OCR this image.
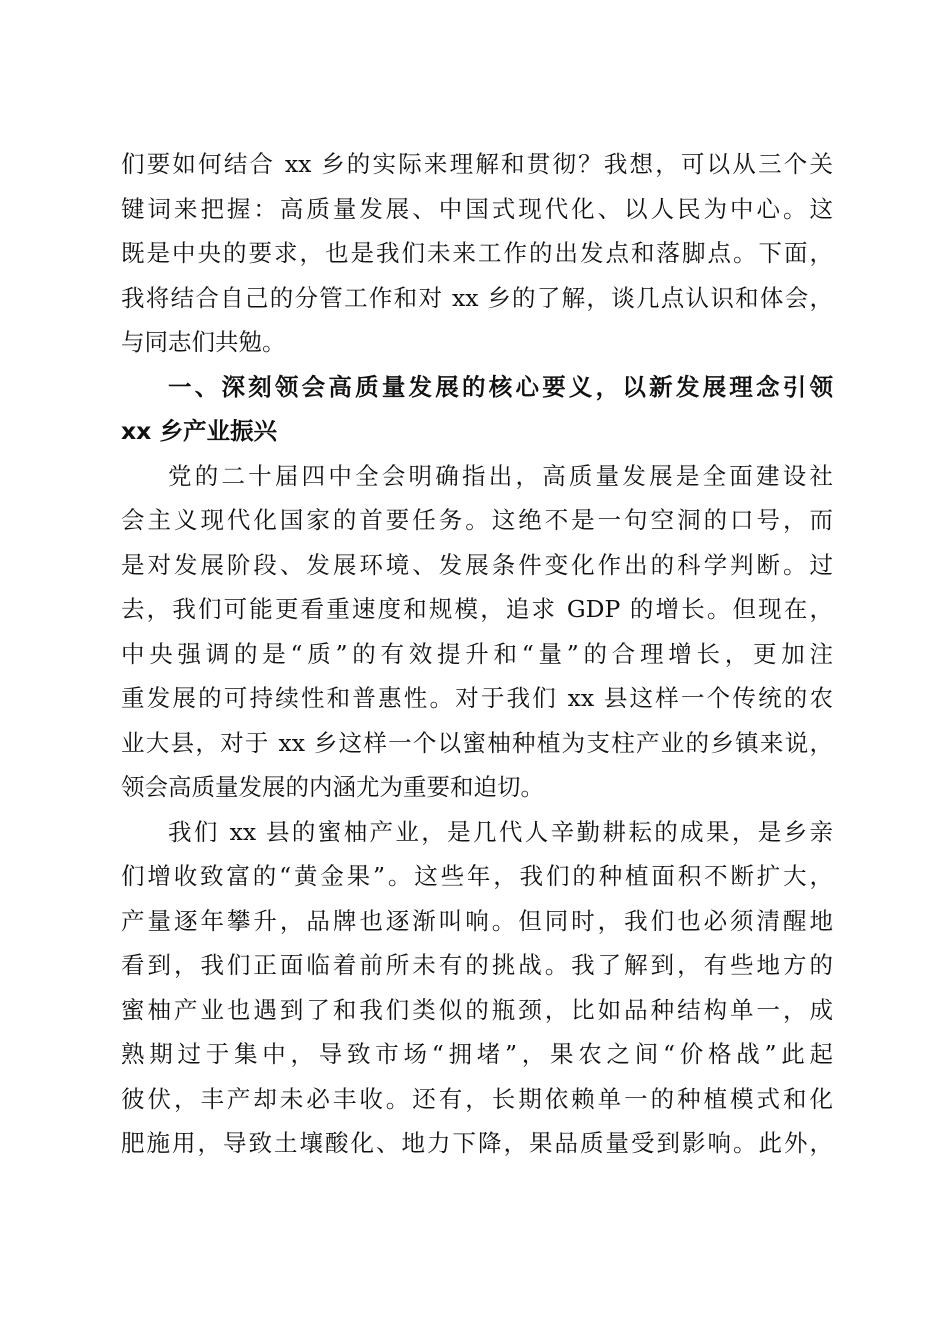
们要如何结合 xx 乡的实际来理解和贯彻？我想，可以从三个关
键词来把握：高质量发展、中国式现代化、以人民为中心。这
既是中央的要求，也是我们未来工作的出发点和落脚点。下面，
我将结合自己的分管工作和对 xx 乡的了解，谈几点认识和体会，
与同志们共勉。
一、深刻领会高质量发展的核心要义，以新发展理念引领
xx 乡产业振兴
党的二十届四中全会明确指出，高质量发展是全面建设社
会主义现代化国家的首要任务。这绝不是一句空洞的口号，而
是对发展阶段、发展环境、发展条件变化作出的科学判断。过
去，我们可能更看重速度和规模，追求 GDP 的增长。但现在，
中央强调的是“质”的有效提升和“量”的合理增长，更加注
重发展的可持续性和普惠性。对于我们 xx 县这样一个传统的农
业大县，对于 xx 乡这样一个以蜜柚种植为支柱产业的乡镇来说，
领会高质量发展的内涵尤为重要和迫切。
我们 xx 县的蜜柚产业，是几代人辛勤耕耘的成果，是乡亲
们增收致富的“黄金果”。这些年，我们的种植面积不断扩大，
产量逐年攀升，品牌也逐渐叫响。但同时，我们也必须清醒地
看到，我们正面临着前所未有的挑战。我了解到，有些地方的
蜜柚产业也遇到了和我们类似的瓶颈，比如品种结构单一，成
熟期过于集中，导致市场“拥堵”，果农之间“价格战”此起
彼伏，丰产却未必丰收。还有，长期依赖单一的种植模式和化
肥施用，导致土壤酸化、地力下降，果品质量受到影响。此外，
